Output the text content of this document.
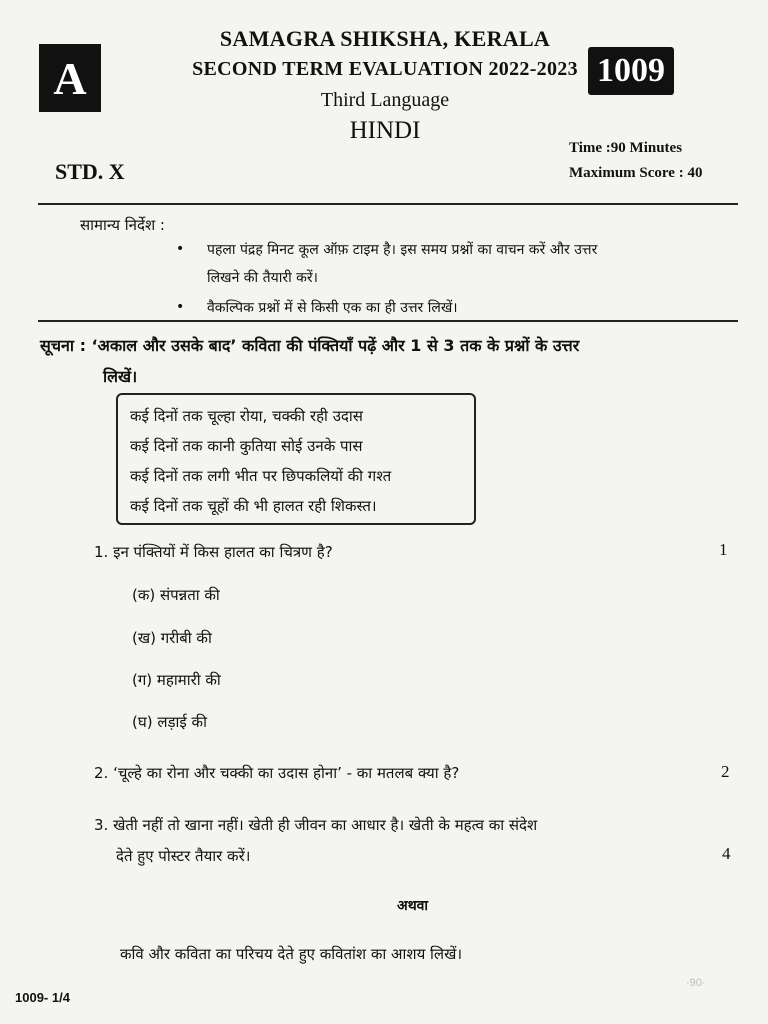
A
SAMAGRA SHIKSHA, KERALA
SECOND TERM EVALUATION 2022-2023 1009
Third Language
HINDI
STD. X
Time :90 Minutes
Maximum Score : 40
सामान्य निर्देश :
• पहला पंद्रह मिनट कूल ऑफ़ टाइम है। इस समय प्रश्नों का वाचन करें और उत्तर
लिखने की तैयारी करें।
• वैकल्पिक प्रश्नों में से किसी एक का ही उत्तर लिखें।
सूचना : ‘अकाल और उसके बाद’ कविता की पंक्तियाँ पढ़ें और 1 से 3 तक के प्रश्नों के उत्तर
लिखें।
कई दिनों तक चूल्हा रोया, चक्की रही उदास
कई दिनों तक कानी कुतिया सोई उनके पास
कई दिनों तक लगी भीत पर छिपकलियों की गश्त
कई दिनों तक चूहों की भी हालत रही शिकस्त।
1. इन पंक्तियों में किस हालत का चित्रण है?	1
(क) संपन्नता की
(ख) गरीबी की
(ग) महामारी की
(घ) लड़ाई की
2. ‘चूल्हे का रोना और चक्की का उदास होना’ - का मतलब क्या है?	2
3. खेती नहीं तो खाना नहीं। खेती ही जीवन का आधार है। खेती के महत्व का संदेश
देते हुए पोस्टर तैयार करें।	4
अथवा
कवि और कविता का परिचय देते हुए कवितांश का आशय लिखें।
·90·
1009- 1/4
